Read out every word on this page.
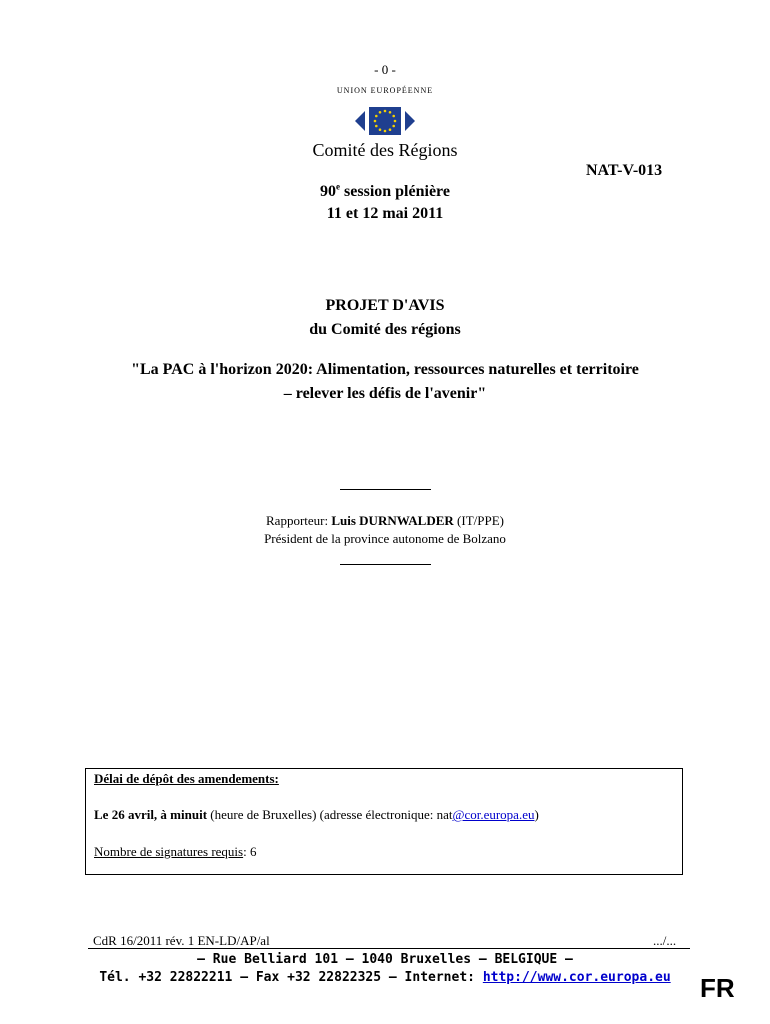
- 0 -
UNION EUROPÉENNE
Comité des Régions
NAT-V-013
90e session plénière
11 et 12 mai 2011
PROJET D'AVIS
du Comité des régions
"La PAC à l'horizon 2020: Alimentation, ressources naturelles et territoire
– relever les défis de l'avenir"
Rapporteur: Luis DURNWALDER (IT/PPE)
Président de la province autonome de Bolzano
Délai de dépôt des amendements:
Le 26 avril, à minuit (heure de Bruxelles) (adresse électronique: nat@cor.europa.eu)
Nombre de signatures requis: 6
CdR 16/2011 rév. 1 EN-LD/AP/al	.../...
— Rue Belliard 101 — 1040 Bruxelles — BELGIQUE —
Tél. +32 22822211 — Fax +32 22822325 — Internet: http://www.cor.europa.eu	FR
